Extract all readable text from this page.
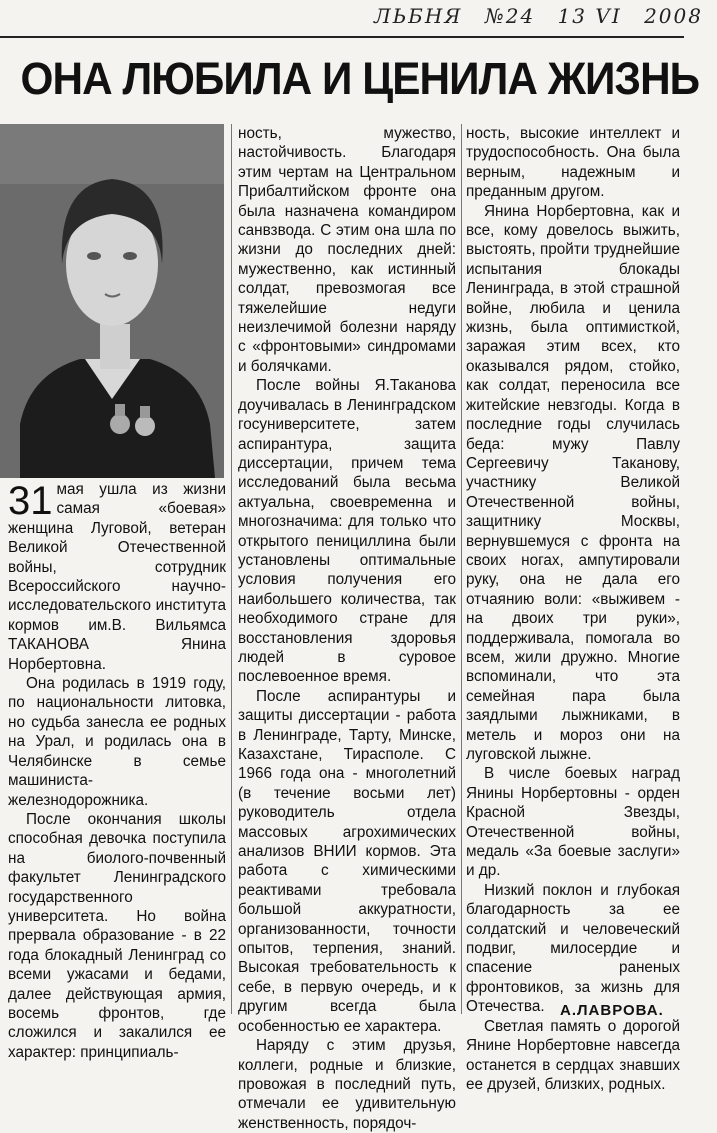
ЛЬБНЯ №24 13 VI 2008
ОНА ЛЮБИЛА И ЦЕНИЛА ЖИЗНЬ

31 мая ушла из жизни самая «боевая» женщина Луговой, ветеран Великой Отечественной войны, сотрудник Всероссийского научно-исследовательского института кормов им.В. Вильямса ТАКАНОВА Янина Норбертовна.

Она родилась в 1919 году, по национальности литовка, но судьба занесла ее родных на Урал, и родилась она в Челябинске в семье машиниста-железнодорожника.

После окончания школы способная девочка поступила на биолого-почвенный факультет Ленинградского государственного университета. Но война прервала образование - в 22 года блокадный Ленинград со всеми ужасами и бедами, далее действующая армия, восемь фронтов, где сложился и закалился ее характер: принципиаль-

ность, мужество, настойчивость. Благодаря этим чертам на Центральном Прибалтийском фронте она была назначена командиром санвзвода. С этим она шла по жизни до последних дней: мужественно, как истинный солдат, превозмогая все тяжелейшие недуги неизлечимой болезни наряду с «фронтовыми» синдромами и болячками.

После войны Я.Таканова доучивалась в Ленинградском госуниверситете, затем аспирантура, защита диссертации, причем тема исследований была весьма актуальна, своевременна и многозначима: для только что открытого пенициллина были установлены оптимальные условия получения его наибольшего количества, так необходимого стране для восстановления здоровья людей в суровое послевоенное время.

После аспирантуры и защиты диссертации - работа в Ленинграде, Тарту, Минске, Казахстане, Тирасполе. С 1966 года она - многолетний (в течение восьми лет) руководитель отдела массовых агрохимических анализов ВНИИ кормов. Эта работа с химическими реактивами требовала большой аккуратности, организованности, точности опытов, терпения, знаний. Высокая требовательность к себе, в первую очередь, и к другим всегда была особенностью ее характера.

Наряду с этим друзья, коллеги, родные и близкие, провожая в последний путь, отмечали ее удивительную женственность, порядоч-

ность, высокие интеллект и трудоспособность. Она была верным, надежным и преданным другом.

Янина Норбертовна, как и все, кому довелось выжить, выстоять, пройти труднейшие испытания блокады Ленинграда, в этой страшной войне, любила и ценила жизнь, была оптимисткой, заражая этим всех, кто оказывался рядом, стойко, как солдат, переносила все житейские невзгоды. Когда в последние годы случилась беда: мужу Павлу Сергеевичу Таканову, участнику Великой Отечественной войны, защитнику Москвы, вернувшемуся с фронта на своих ногах, ампутировали руку, она не дала его отчаянию воли: «выживем - на двоих три руки», поддерживала, помогала во всем, жили дружно. Многие вспоминали, что эта семейная пара была заядлыми лыжниками, в метель и мороз они на луговской лыжне.

В числе боевых наград Янины Норбертовны - орден Красной Звезды, Отечественной войны, медаль «За боевые заслуги» и др.

Низкий поклон и глубокая благодарность за ее солдатский и человеческий подвиг, милосердие и спасение раненых фронтовиков, за жизнь для Отечества.

Светлая память о дорогой Янине Норбертовне навсегда останется в сердцах знавших ее друзей, близких, родных.

А.ЛАВРОВА.
